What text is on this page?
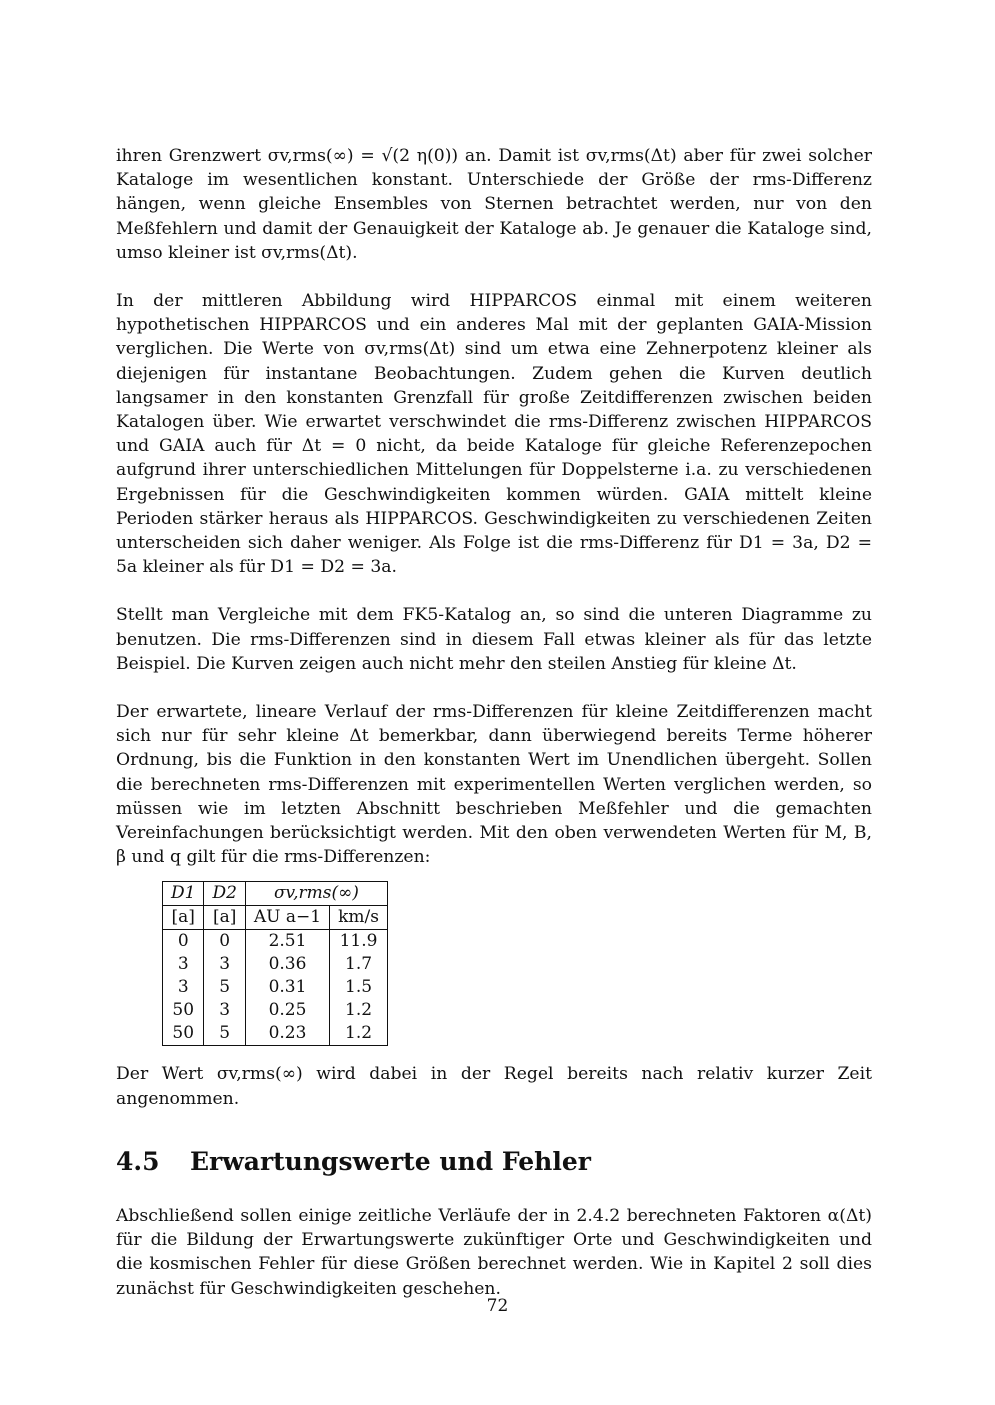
ihren Grenzwert σv,rms(∞) = √(2 η(0)) an. Damit ist σv,rms(Δt) aber für zwei solcher Kataloge im wesentlichen konstant. Unterschiede der Größe der rms-Differenz hängen, wenn gleiche Ensembles von Sternen betrachtet werden, nur von den Meßfehlern und damit der Genauigkeit der Kataloge ab. Je genauer die Kataloge sind, umso kleiner ist σv,rms(Δt).

In der mittleren Abbildung wird HIPPARCOS einmal mit einem weiteren hypothetischen HIPPARCOS und ein anderes Mal mit der geplanten GAIA-Mission verglichen. Die Werte von σv,rms(Δt) sind um etwa eine Zehnerpotenz kleiner als diejenigen für instantane Beobachtungen. Zudem gehen die Kurven deutlich langsamer in den konstanten Grenzfall für große Zeitdifferenzen zwischen beiden Katalogen über. Wie erwartet verschwindet die rms-Differenz zwischen HIPPARCOS und GAIA auch für Δt = 0 nicht, da beide Kataloge für gleiche Referenzepochen aufgrund ihrer unterschiedlichen Mittelungen für Doppelsterne i.a. zu verschiedenen Ergebnissen für die Geschwindigkeiten kommen würden. GAIA mittelt kleine Perioden stärker heraus als HIPPARCOS. Geschwindigkeiten zu verschiedenen Zeiten unterscheiden sich daher weniger. Als Folge ist die rms-Differenz für D1 = 3a, D2 = 5a kleiner als für D1 = D2 = 3a.

Stellt man Vergleiche mit dem FK5-Katalog an, so sind die unteren Diagramme zu benutzen. Die rms-Differenzen sind in diesem Fall etwas kleiner als für das letzte Beispiel. Die Kurven zeigen auch nicht mehr den steilen Anstieg für kleine Δt.

Der erwartete, lineare Verlauf der rms-Differenzen für kleine Zeitdifferenzen macht sich nur für sehr kleine Δt bemerkbar, dann überwiegend bereits Terme höherer Ordnung, bis die Funktion in den konstanten Wert im Unendlichen übergeht. Sollen die berechneten rms-Differenzen mit experimentellen Werten verglichen werden, so müssen wie im letzten Abschnitt beschrieben Meßfehler und die gemachten Vereinfachungen berücksichtigt werden. Mit den oben verwendeten Werten für M, B, β und q gilt für die rms-Differenzen:

D1	D2	σv,rms(∞)	
[a]	[a]	AU a−1	km/s
0	0	2.51	11.9
3	3	0.36	1.7
3	5	0.31	1.5
50	3	0.25	1.2
50	5	0.23	1.2

Der Wert σv,rms(∞) wird dabei in der Regel bereits nach relativ kurzer Zeit angenommen.

4.5 Erwartungswerte und Fehler

Abschließend sollen einige zeitliche Verläufe der in 2.4.2 berechneten Faktoren α(Δt) für die Bildung der Erwartungswerte zukünftiger Orte und Geschwindigkeiten und die kosmischen Fehler für diese Größen berechnet werden. Wie in Kapitel 2 soll dies zunächst für Geschwindigkeiten geschehen.

72
